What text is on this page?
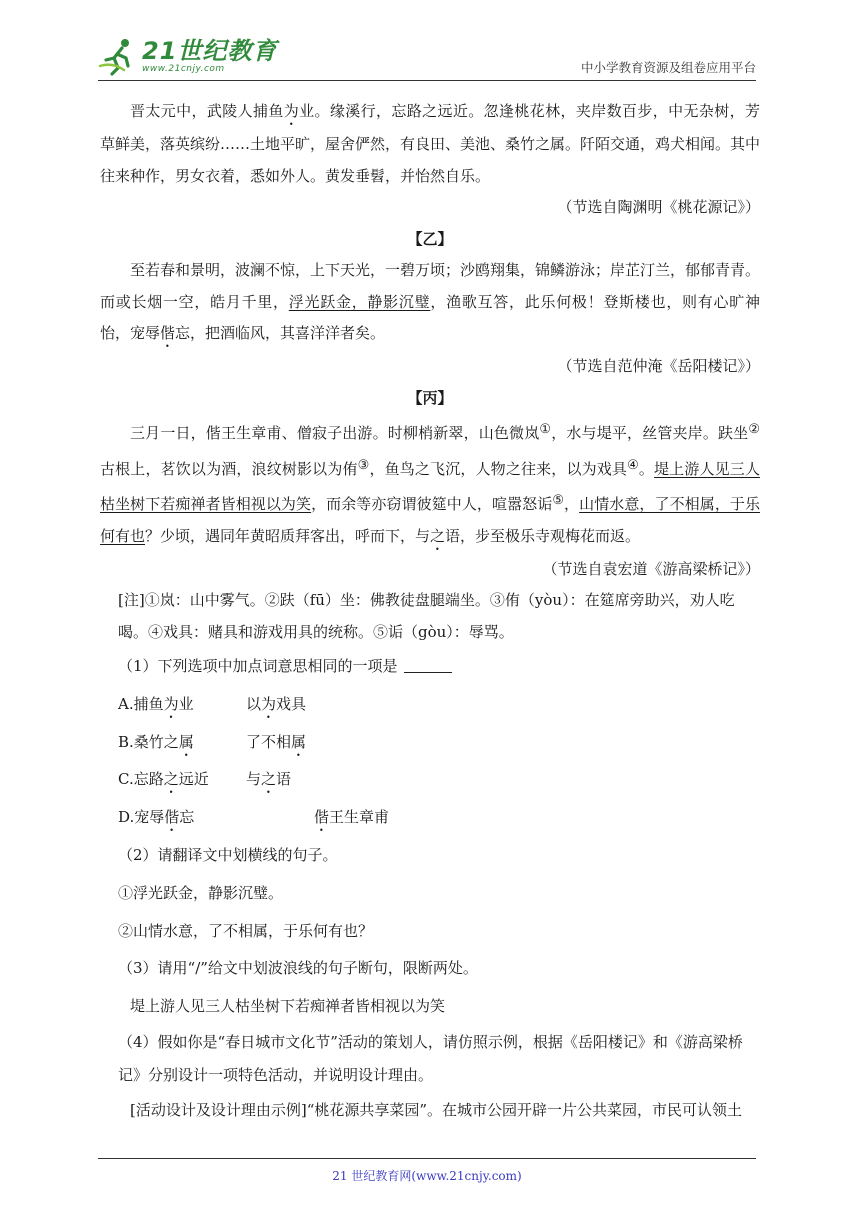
21世纪教育
www.21cnjy.com	中小学教育资源及组卷应用平台

晋太元中，武陵人捕鱼为业。缘溪行，忘路之远近。忽逢桃花林，夹岸数百步，中无杂树，芳草鲜美，落英缤纷……土地平旷，屋舍俨然，有良田、美池、桑竹之属。阡陌交通，鸡犬相闻。其中往来种作，男女衣着，悉如外人。黄发垂髫，并怡然自乐。

（节选自陶渊明《桃花源记》）

【乙】

至若春和景明，波澜不惊，上下天光，一碧万顷；沙鸥翔集，锦鳞游泳；岸芷汀兰，郁郁青青。而或长烟一空，皓月千里，浮光跃金，静影沉璧，渔歌互答，此乐何极！登斯楼也，则有心旷神怡，宠辱偕忘，把酒临风，其喜洋洋者矣。

（节选自范仲淹《岳阳楼记》）

【丙】

三月一日，偕王生章甫、僧寂子出游。时柳梢新翠，山色微岚①，水与堤平，丝管夹岸。趺坐②古根上，茗饮以为酒，浪纹树影以为侑③，鱼鸟之飞沉，人物之往来，以为戏具④。堤上游人见三人枯坐树下若痴禅者皆相视以为笑，而余等亦窃谓彼筵中人，喧嚣怒诟⑤，山情水意，了不相属，于乐何有也？少顷，遇同年黄昭质拜客出，呼而下，与之语，步至极乐寺观梅花而返。

（节选自袁宏道《游高梁桥记》）

[注]①岚：山中雾气。②趺（fū）坐：佛教徒盘腿端坐。③侑（yòu）：在筵席旁助兴，劝人吃喝。④戏具：赌具和游戏用具的统称。⑤诟（gòu）：辱骂。

（1）下列选项中加点词意思相同的一项是

A.捕鱼为业	以为戏具

B.桑竹之属	了不相属

C.忘路之远近 与之语

D.宠辱偕忘	偕王生章甫

（2）请翻译文中划横线的句子。

①浮光跃金，静影沉璧。

②山情水意，了不相属，于乐何有也？

（3）请用“/”给文中划波浪线的句子断句，限断两处。

堤上游人见三人枯坐树下若痴禅者皆相视以为笑

（4）假如你是“春日城市文化节”活动的策划人，请仿照示例，根据《岳阳楼记》和《游高梁桥记》分别设计一项特色活动，并说明设计理由。

[活动设计及设计理由示例]“桃花源共享菜园”。在城市公园开辟一片公共菜园，市民可认领土

21 世纪教育网(www.21cnjy.com)
